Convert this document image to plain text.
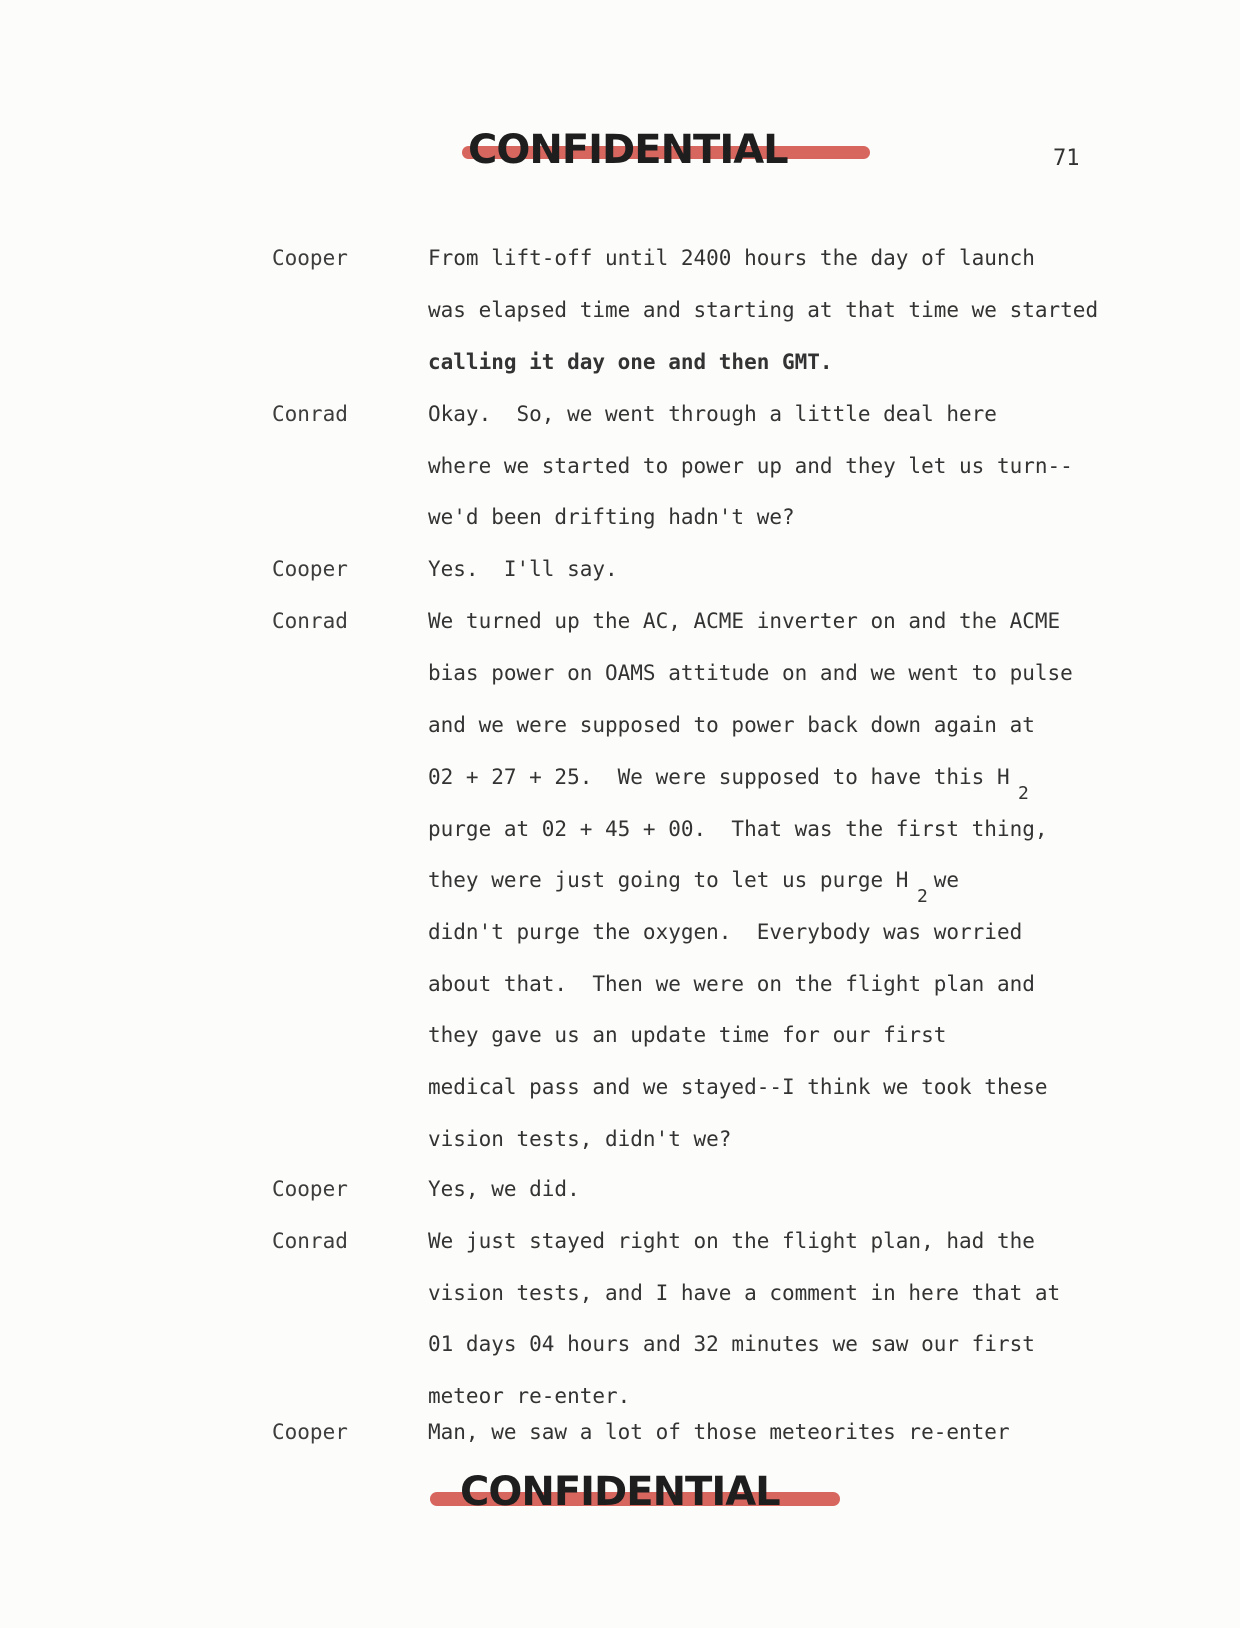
CONFIDENTIAL	71
Cooper
Conrad
Cooper
Conrad
Cooper
Conrad
Cooper
From lift-off until 2400 hours the day of launch
was elapsed time and starting at that time we started
calling it day one and then GMT.
Okay.  So, we went through a little deal here
where we started to power up and they let us turn--
we'd been drifting hadn't we?
Yes.  I'll say.
We turned up the AC, ACME inverter on and the ACME
bias power on OAMS attitude on and we went to pulse
and we were supposed to power back down again at
02 + 27 + 25.  We were supposed to have this H
2
purge at 02 + 45 + 00.  That was the first thing,
they were just going to let us purge H  we
2
didn't purge the oxygen.  Everybody was worried
about that.  Then we were on the flight plan and
they gave us an update time for our first
medical pass and we stayed--I think we took these
vision tests, didn't we?
Yes, we did.
We just stayed right on the flight plan, had the
vision tests, and I have a comment in here that at
01 days 04 hours and 32 minutes we saw our first
meteor re-enter.
Man, we saw a lot of those meteorites re-enter
CONFIDENTIAL
